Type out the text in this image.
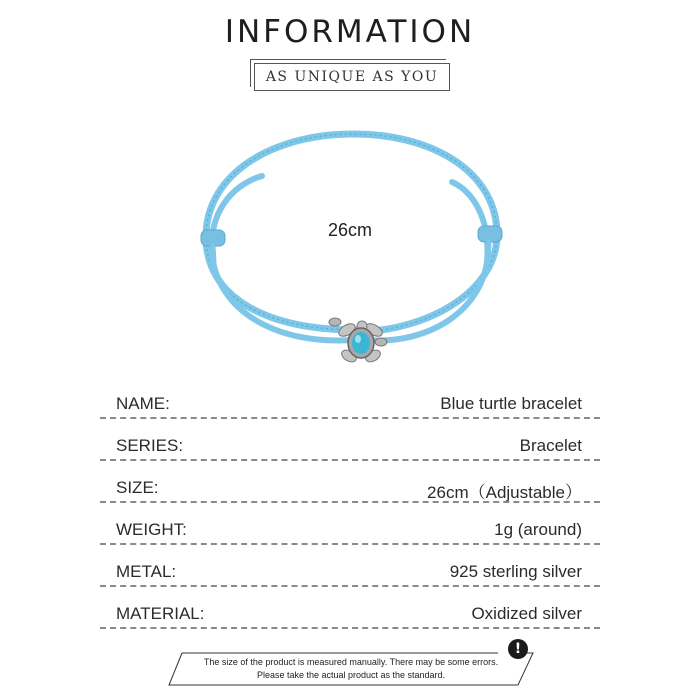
INFORMATION
AS UNIQUE AS YOU
26cm
NAME:	Blue turtle bracelet
SERIES:	Bracelet
SIZE:	26cm（Adjustable）
WEIGHT:	1g (around)
METAL:	925 sterling silver
MATERIAL:	Oxidized silver
The size of the product is measured manually. There may be some errors.
Please take the actual product as the standard.
!
